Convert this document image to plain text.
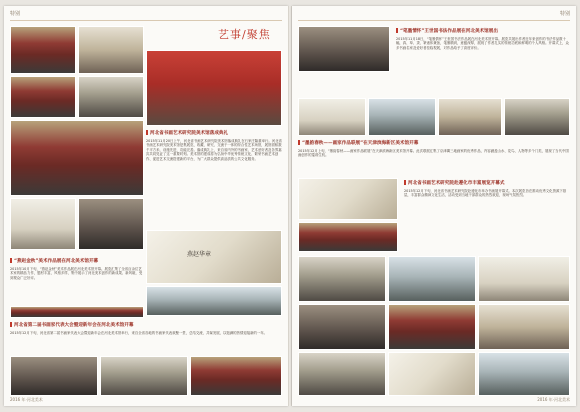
特别
艺事/聚焦
河北省书画艺术研究院美术馆落成典礼
2015年11月20日上午，河北省书画艺术研究院美术馆落成典礼在石家庄隆重举行。河北省书画艺术研究院美术馆是集展览、收藏、研究、交流于一体的综合性艺术场馆，展馆面积数千平方米，设施先进，功能完善。落成典礼上，来自省内外的书画家、艺术爱好者及各界嘉宾共同见证了这一重要时刻。美术馆的建成将为弘扬中华优秀传统文化、繁荣书画艺术创作、促进艺术交流搭建新的平台，为广大群众提供高品质的公共文化服务。
燕赵华章
“燕赵金秋”美术作品展在河北美术馆开幕
2015年10月下旬，“燕赵金秋”美术作品展在河北美术馆开幕。展览汇集了全省百余位艺术家的精品力作，题材丰富，风格多样，集中展示了河北美术创作的新成果、新风貌，受到观众广泛好评。
河北省第二届书画家代表大会暨迎新年会在河北美术馆开幕
2015年12月下旬，河北省第二届书画家代表大会暨迎新年会在河北美术馆举行，来自全省各地的书画家代表欢聚一堂，总结交流，共谋发展，以饱满的热情迎接新的一年。
2016 年·河北美术
特别
“笔墨情怀”王世国书法作品展在河北美术馆展出
2015年11月18日，“笔墨情怀”王世国书法作品展在河北美术馆开幕。展览共展出作者近年来创作的书法作品数十幅，真、草、隶、篆诸体兼备，笔墨精到，意蕴深厚，展现了作者扎实的传统功底和鲜明的个人风格。开幕式上，众多书画名家及爱好者莅临观展，对作品给予了高度评价。
“墨韵春秋——画家作品联展”在天津滨海新区美术馆开幕
2015年12月上旬，“墨韵春秋——画家作品联展”在天津滨海新区美术馆开幕。此次联展汇集了京津冀三地画家的优秀作品，内容涵盖山水、花鸟、人物等多个门类，展现了当代中国画创作的蓬勃生机。
河北省书画艺术研究院赴遵化市丰富展览开幕式
2015年12月下旬，河北省书画艺术研究院赴遵化市举办书画展开幕式。本次展览旨在推动优秀文化资源下基层，丰富群众精神文化生活，活动受到当地干部群众的热烈欢迎，现场气氛热烈。
2016 年·河北美术
